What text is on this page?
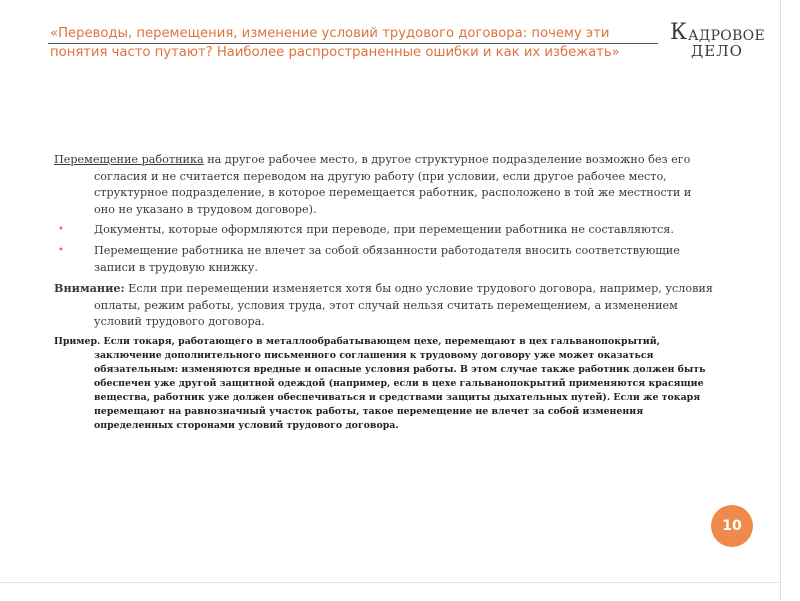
«Переводы, перемещения, изменение условий трудового договора: почему эти понятия часто путают? Наиболее распространенные ошибки и как их избежать»
К АДРОВОЕ
ДЕЛО

Перемещение работника на другое рабочее место, в другое структурное подразделение возможно без его согласия и не считается переводом на другую работу (при условии, если другое рабочее место, структурное подразделение, в которое перемещается работник, расположено в той же местности и оно не указано в трудовом договоре).

•	Документы, которые оформляются при переводе, при перемещении работника не составляются.
•	Перемещение работника не влечет за собой обязанности работодателя вносить соответствующие записи в трудовую книжку.

Внимание: Если при перемещении изменяется хотя бы одно условие трудового договора, например, условия оплаты, режим работы, условия труда, этот случай нельзя считать перемещением, а изменением условий трудового договора.

Пример. Если токаря, работающего в металлообрабатывающем цехе, перемещают в цех гальванопокрытий, заключение дополнительного письменного соглашения к трудовому договору уже может оказаться обязательным: изменяются вредные и опасные условия работы. В этом случае также работник должен быть обеспечен уже другой защитной одеждой (например, если в цехе гальванопокрытий применяются красящие вещества, работник уже должен обеспечиваться и средствами защиты дыхательных путей). Если же токаря перемещают на равнозначный участок работы, такое перемещение не влечет за собой изменения определенных сторонами условий трудового договора.

10
